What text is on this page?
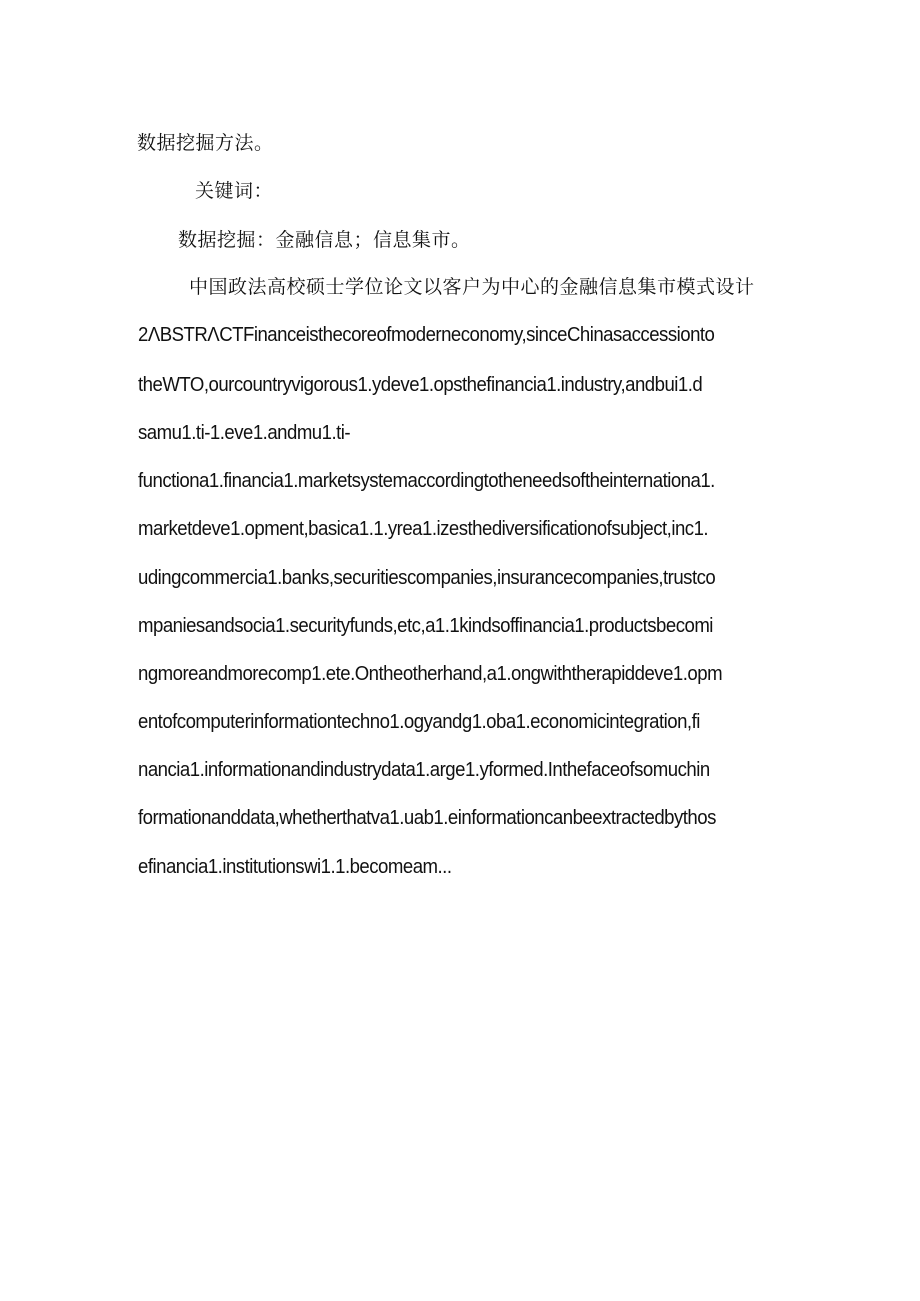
数据挖掘方法。

关键词：

数据挖掘：金融信息；信息集市。

中国政法高校硕士学位论文以客户为中心的金融信息集市模式设计

2ΛBSTRΛCTFinanceisthecoreofmoderneconomy,sinceChinasaccessionto

theWTO,ourcountryvigorous1.ydeve1.opsthefinancia1.industry,andbui1.d

samu1.ti-1.eve1.andmu1.ti-

functiona1.financia1.marketsystemaccordingtotheneedsoftheinternationa1.

marketdeve1.opment,basica1.1.yrea1.izesthediversificationofsubject,inc1.

udingcommercia1.banks,securitiescompanies,insurancecompanies,trustco

mpaniesandsocia1.securityfunds,etc,a1.1kindsoffinancia1.productsbecomi

ngmoreandmorecomp1.ete.Ontheotherhand,a1.ongwiththerapiddeve1.opm

entofcomputerinformationtechno1.ogyandg1.oba1.economicintegration,fi

nancia1.informationandindustrydata1.arge1.yformed.Inthefaceofsomuchin

formationanddata,whetherthatva1.uab1.einformationcanbeextractedbythos

efinancia1.institutionswi1.1.becomeam...
